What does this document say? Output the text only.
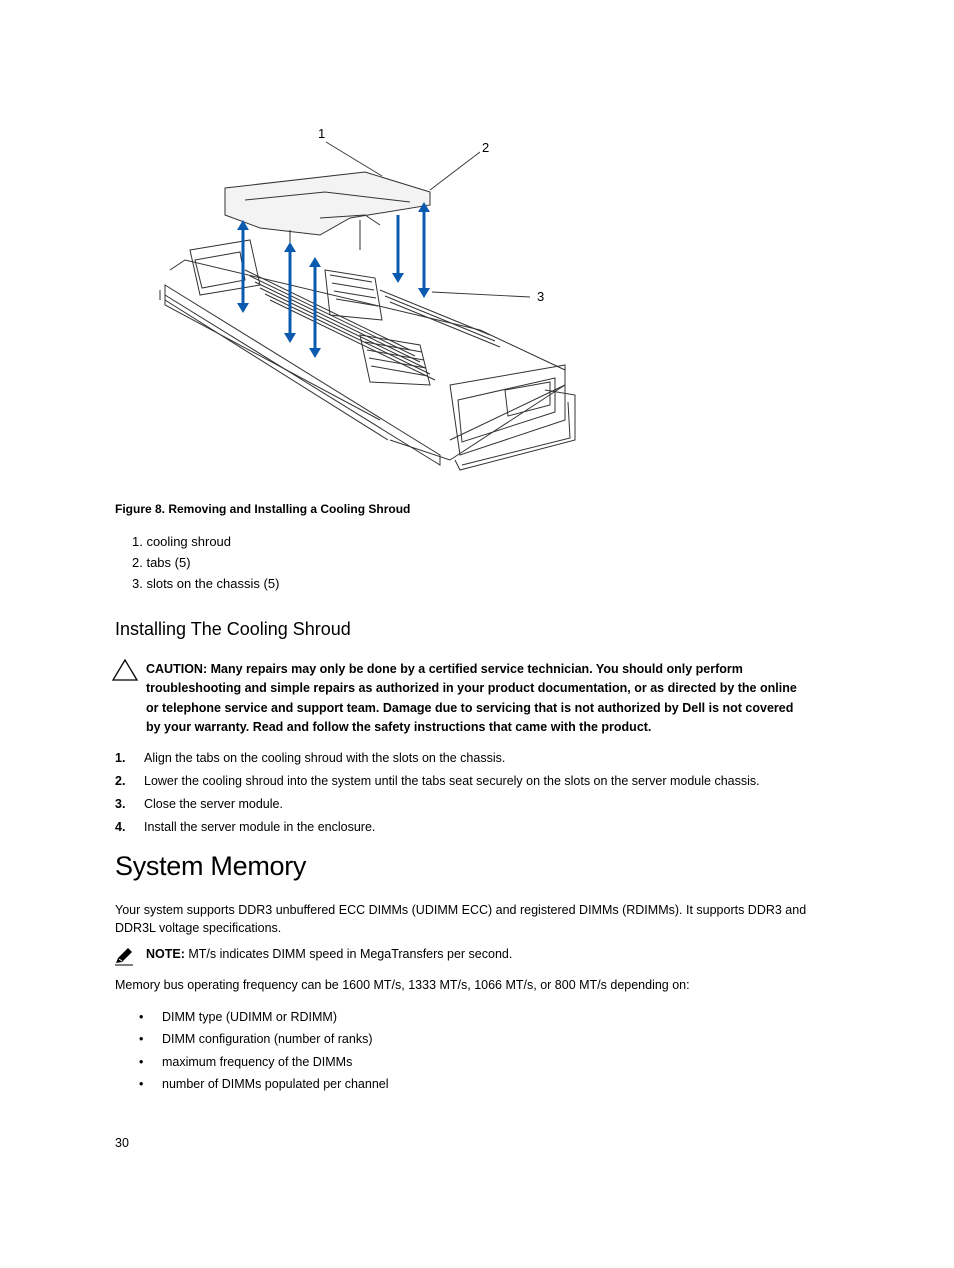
1
2
3
Figure 8. Removing and Installing a Cooling Shroud
1. cooling shroud
2. tabs (5)
3. slots on the chassis (5)
Installing The Cooling Shroud
CAUTION: Many repairs may only be done by a certified service technician. You should only perform troubleshooting and simple repairs as authorized in your product documentation, or as directed by the online or telephone service and support team. Damage due to servicing that is not authorized by Dell is not covered by your warranty. Read and follow the safety instructions that came with the product.
1. Align the tabs on the cooling shroud with the slots on the chassis.
2. Lower the cooling shroud into the system until the tabs seat securely on the slots on the server module chassis.
3. Close the server module.
4. Install the server module in the enclosure.
System Memory
Your system supports DDR3 unbuffered ECC DIMMs (UDIMM ECC) and registered DIMMs (RDIMMs). It supports DDR3 and DDR3L voltage specifications.
NOTE: MT/s indicates DIMM speed in MegaTransfers per second.
Memory bus operating frequency can be 1600 MT/s, 1333 MT/s, 1066 MT/s, or 800 MT/s depending on:
• DIMM type (UDIMM or RDIMM)
• DIMM configuration (number of ranks)
• maximum frequency of the DIMMs
• number of DIMMs populated per channel
30
